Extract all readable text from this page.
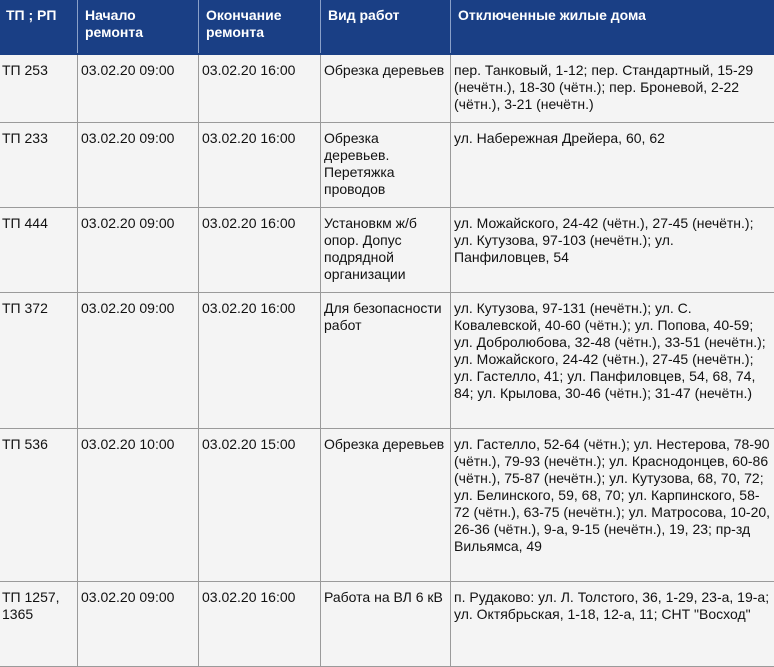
ТП ; РП	Начало ремонта	Окончание ремонта	Вид работ	Отключенные жилые дома
ТП 253	03.02.20 09:00	03.02.20 16:00	Обрезка деревьев	пер. Танковый, 1-12; пер. Стандартный, 15-29 (нечётн.), 18-30 (чётн.); пер. Броневой, 2-22 (чётн.), 3-21 (нечётн.)
ТП 233	03.02.20 09:00	03.02.20 16:00	Обрезка деревьев. Перетяжка проводов	ул. Набережная Дрейера, 60, 62
ТП 444	03.02.20 09:00	03.02.20 16:00	Установкм ж/б опор. Допус подрядной организации	ул. Можайского, 24-42 (чётн.), 27-45 (нечётн.); ул. Кутузова, 97-103 (нечётн.); ул. Панфиловцев, 54
ТП 372	03.02.20 09:00	03.02.20 16:00	Для безопасности работ	ул. Кутузова, 97-131 (нечётн.); ул. С. Ковалевской, 40-60 (чётн.); ул. Попова, 40-59; ул. Добролюбова, 32-48 (чётн.), 33-51 (нечётн.); ул. Можайского, 24-42 (чётн.), 27-45 (нечётн.); ул. Гастелло, 41; ул. Панфиловцев, 54, 68, 74, 84; ул. Крылова, 30-46 (чётн.); 31-47 (нечётн.)
ТП 536	03.02.20 10:00	03.02.20 15:00	Обрезка деревьев	ул. Гастелло, 52-64 (чётн.); ул. Нестерова, 78-90 (чётн.), 79-93 (нечётн.); ул. Краснодонцев, 60-86 (чётн.), 75-87 (нечётн.); ул. Кутузова, 68, 70, 72; ул. Белинского, 59, 68, 70; ул. Карпинского, 58-72 (чётн.), 63-75 (нечётн.); ул. Матросова, 10-20, 26-36 (чётн.), 9-а, 9-15 (нечётн.), 19, 23; пр-зд Вильямса, 49
ТП 1257, 1365	03.02.20 09:00	03.02.20 16:00	Работа на ВЛ 6 кВ	п. Рудаково: ул. Л. Толстого, 36, 1-29, 23-а, 19-а; ул. Октябрьская, 1-18, 12-а, 11; СНТ "Восход"
